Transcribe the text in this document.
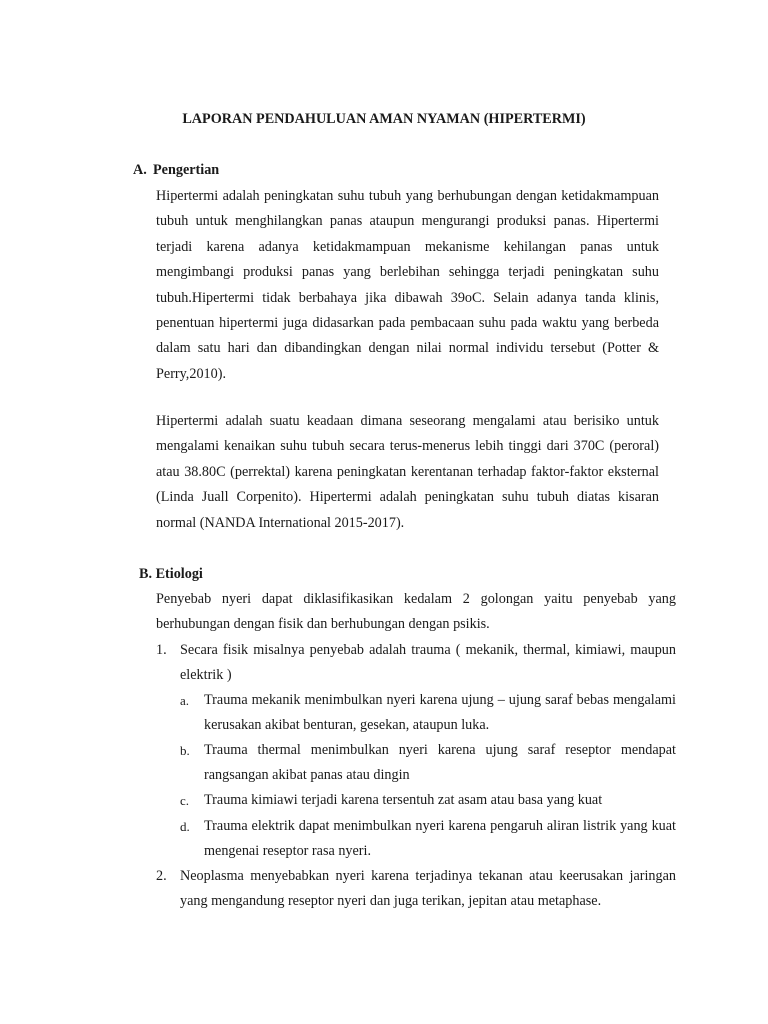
LAPORAN PENDAHULUAN AMAN NYAMAN (HIPERTERMI)
A. Pengertian
Hipertermi adalah peningkatan suhu tubuh yang berhubungan dengan ketidakmampuan tubuh untuk menghilangkan panas ataupun mengurangi produksi panas. Hipertermi terjadi karena adanya ketidakmampuan mekanisme kehilangan panas untuk mengimbangi produksi panas yang berlebihan sehingga terjadi peningkatan suhu tubuh.Hipertermi tidak berbahaya jika dibawah 39oC. Selain adanya tanda klinis, penentuan hipertermi juga didasarkan pada pembacaan suhu pada waktu yang berbeda dalam satu hari dan dibandingkan dengan nilai normal individu tersebut (Potter & Perry,2010).
Hipertermi adalah suatu keadaan dimana seseorang mengalami atau berisiko untuk mengalami kenaikan suhu tubuh secara terus-menerus lebih tinggi dari 370C (peroral) atau 38.80C (perrektal) karena peningkatan kerentanan terhadap faktor-faktor eksternal (Linda Juall Corpenito). Hipertermi adalah peningkatan suhu tubuh diatas kisaran normal (NANDA International 2015-2017).
B. Etiologi
Penyebab nyeri dapat diklasifikasikan kedalam 2 golongan yaitu penyebab yang berhubungan dengan fisik dan berhubungan dengan psikis.
1. Secara fisik misalnya penyebab adalah trauma ( mekanik, thermal, kimiawi, maupun elektrik )
a. Trauma mekanik menimbulkan nyeri karena ujung – ujung saraf bebas mengalami kerusakan akibat benturan, gesekan, ataupun luka.
b. Trauma thermal menimbulkan nyeri karena ujung saraf reseptor mendapat rangsangan akibat panas atau dingin
c. Trauma kimiawi terjadi karena tersentuh zat asam atau basa yang kuat
d. Trauma elektrik dapat menimbulkan nyeri karena pengaruh aliran listrik yang kuat mengenai reseptor rasa nyeri.
2. Neoplasma menyebabkan nyeri karena terjadinya tekanan atau keerusakan jaringan yang mengandung reseptor nyeri dan juga terikan, jepitan atau metaphase.
